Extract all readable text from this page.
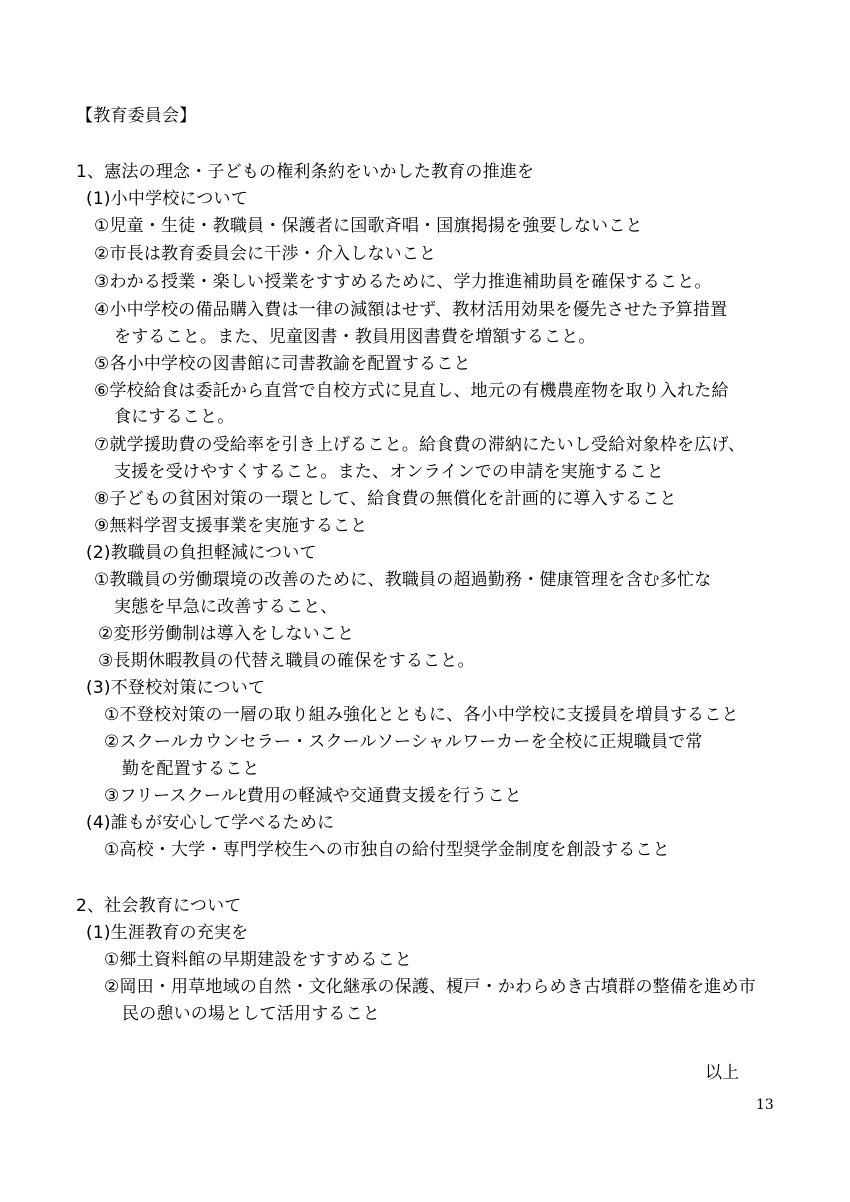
【教育委員会】
1、憲法の理念・子どもの権利条約をいかした教育の推進を
(1)小中学校について
①児童・生徒・教職員・保護者に国歌斉唱・国旗掲揚を強要しないこと
②市長は教育委員会に干渉・介入しないこと
③わかる授業・楽しい授業をすすめるために、学力推進補助員を確保すること。
④小中学校の備品購入費は一律の減額はせず、教材活用効果を優先させた予算措置
をすること。また、児童図書・教員用図書費を増額すること。
⑤各小中学校の図書館に司書教諭を配置すること
⑥学校給食は委託から直営で自校方式に見直し、地元の有機農産物を取り入れた給
食にすること。
⑦就学援助費の受給率を引き上げること。給食費の滞納にたいし受給対象枠を広げ、
支援を受けやすくすること。また、オンラインでの申請を実施すること
⑧子どもの貧困対策の一環として、給食費の無償化を計画的に導入すること
⑨無料学習支援事業を実施すること
(2)教職員の負担軽減について
①教職員の労働環境の改善のために、教職員の超過勤務・健康管理を含む多忙な
実態を早急に改善すること、
②変形労働制は導入をしないこと
③長期休暇教員の代替え職員の確保をすること。
(3)不登校対策について
①不登校対策の一層の取り組み強化とともに、各小中学校に支援員を増員すること
②スクールカウンセラー・スクールソーシャルワーカーを全校に正規職員で常
勤を配置すること
③フリースクールﾋ費用の軽減や交通費支援を行うこと
(4)誰もが安心して学べるために
①高校・大学・専門学校生への市独自の給付型奨学金制度を創設すること
2、社会教育について
(1)生涯教育の充実を
①郷土資料館の早期建設をすすめること
②岡田・用草地域の自然・文化継承の保護、榎戸・かわらめき古墳群の整備を進め市
民の憩いの場として活用すること
以上
13
